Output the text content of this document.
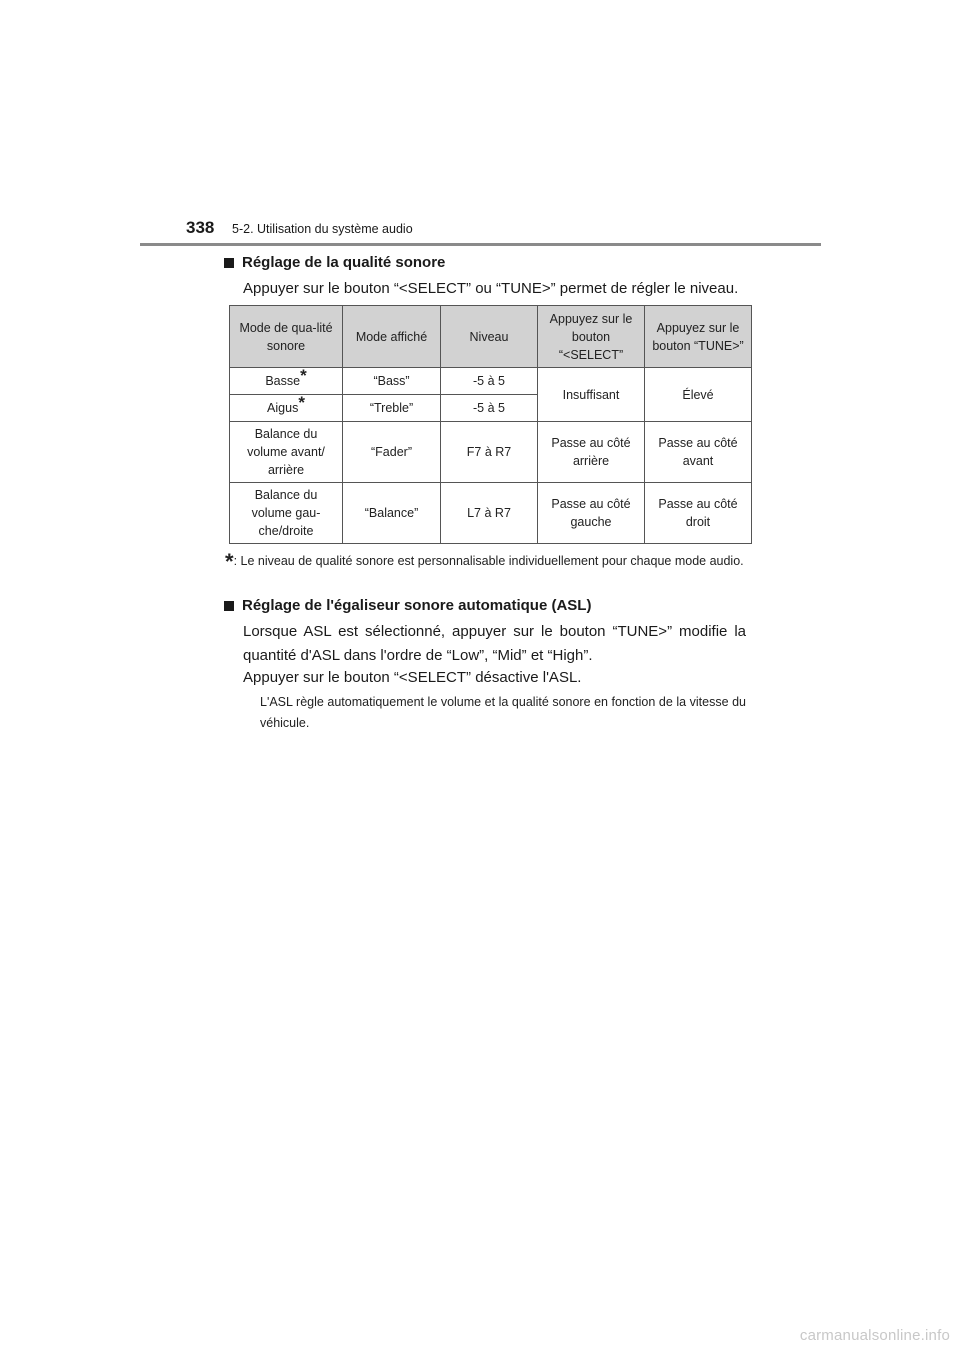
338 5-2. Utilisation du système audio
Réglage de la qualité sonore
Appuyer sur le bouton “<SELECT” ou “TUNE>” permet de régler le niveau.
Mode de qua-lité sonore	Mode affiché	Niveau	Appuyez sur le bouton “<SELECT”	Appuyez sur le bouton “TUNE>”
Basse*	“Bass”	-5 à 5	Insuffisant	Élevé
Aigus*	“Treble”	-5 à 5		
Balance du volume avant/ arrière	“Fader”	F7 à R7	Passe au côté arrière	Passe au côté avant
Balance du volume gau-che/droite	“Balance”	L7 à R7	Passe au côté gauche	Passe au côté droit
*: Le niveau de qualité sonore est personnalisable individuellement pour chaque mode audio.
Réglage de l'égaliseur sonore automatique (ASL)
Lorsque ASL est sélectionné, appuyer sur le bouton “TUNE>” modifie la quantité d'ASL dans l'ordre de “Low”, “Mid” et “High”.
Appuyer sur le bouton “<SELECT” désactive l'ASL.
L'ASL règle automatiquement le volume et la qualité sonore en fonction de la vitesse du véhicule.
carmanualsonline.info
